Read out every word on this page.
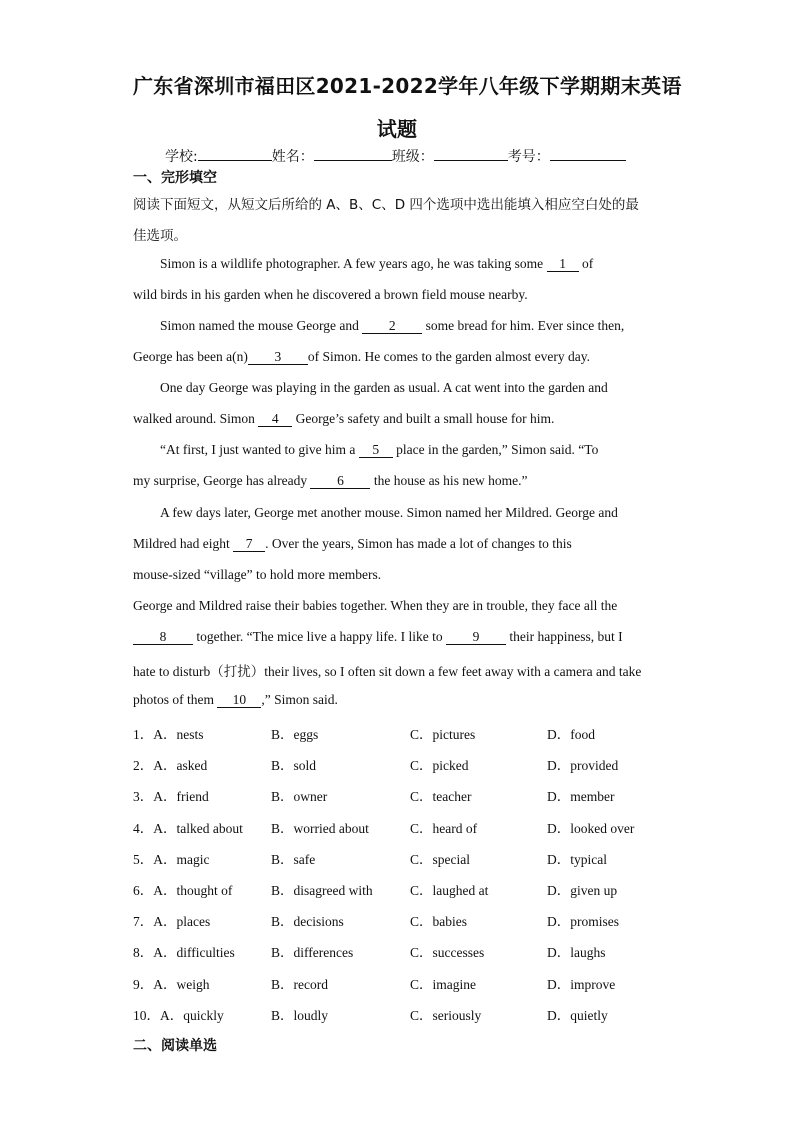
广东省深圳市福田区2021-2022学年八年级下学期期末英语
试题
学校:	姓名：	班级：	考号：
一、完形填空
阅读下面短文，从短文后所给的 A、B、C、D 四个选项中选出能填入相应空白处的最
佳选项。
Simon is a wildlife photographer. A few years ago, he was taking some 1 of
wild birds in his garden when he discovered a brown field mouse nearby.
Simon named the mouse George and 2 some bread for him. Ever since then,
George has been a(n) 3 of Simon. He comes to the garden almost every day.
One day George was playing in the garden as usual. A cat went into the garden and
walked around. Simon 4 George’s safety and built a small house for him.
“At first, I just wanted to give him a 5 place in the garden,” Simon said. “To
my surprise, George has already 6 the house as his new home.”
A few days later, George met another mouse. Simon named her Mildred. George and
Mildred had eight 7 . Over the years, Simon has made a lot of changes to this
mouse-sized “village” to hold more members.
George and Mildred raise their babies together. When they are in trouble, they face all the
8 together. “The mice live a happy life. I like to 9 their happiness, but I
hate to disturb（打扰）their lives, so I often sit down a few feet away with a camera and take
photos of them 10 ,” Simon said.
1．A．nests	B．eggs	C．pictures	D．food
2．A．asked	B．sold	C．picked	D．provided
3．A．friend	B．owner	C．teacher	D．member
4．A．talked about B．worried about	C．heard of	D．looked over
5．A．magic	B．safe	C．special	D．typical
6．A．thought of	B．disagreed with	C．laughed at	D．given up
7．A．places	B．decisions	C．babies	D．promises
8．A．difficulties	B．differences	C．successes	D．laughs
9．A．weigh	B．record	C．imagine	D．improve
10．A．quickly	B．loudly	C．seriously	D．quietly
二、阅读单选
